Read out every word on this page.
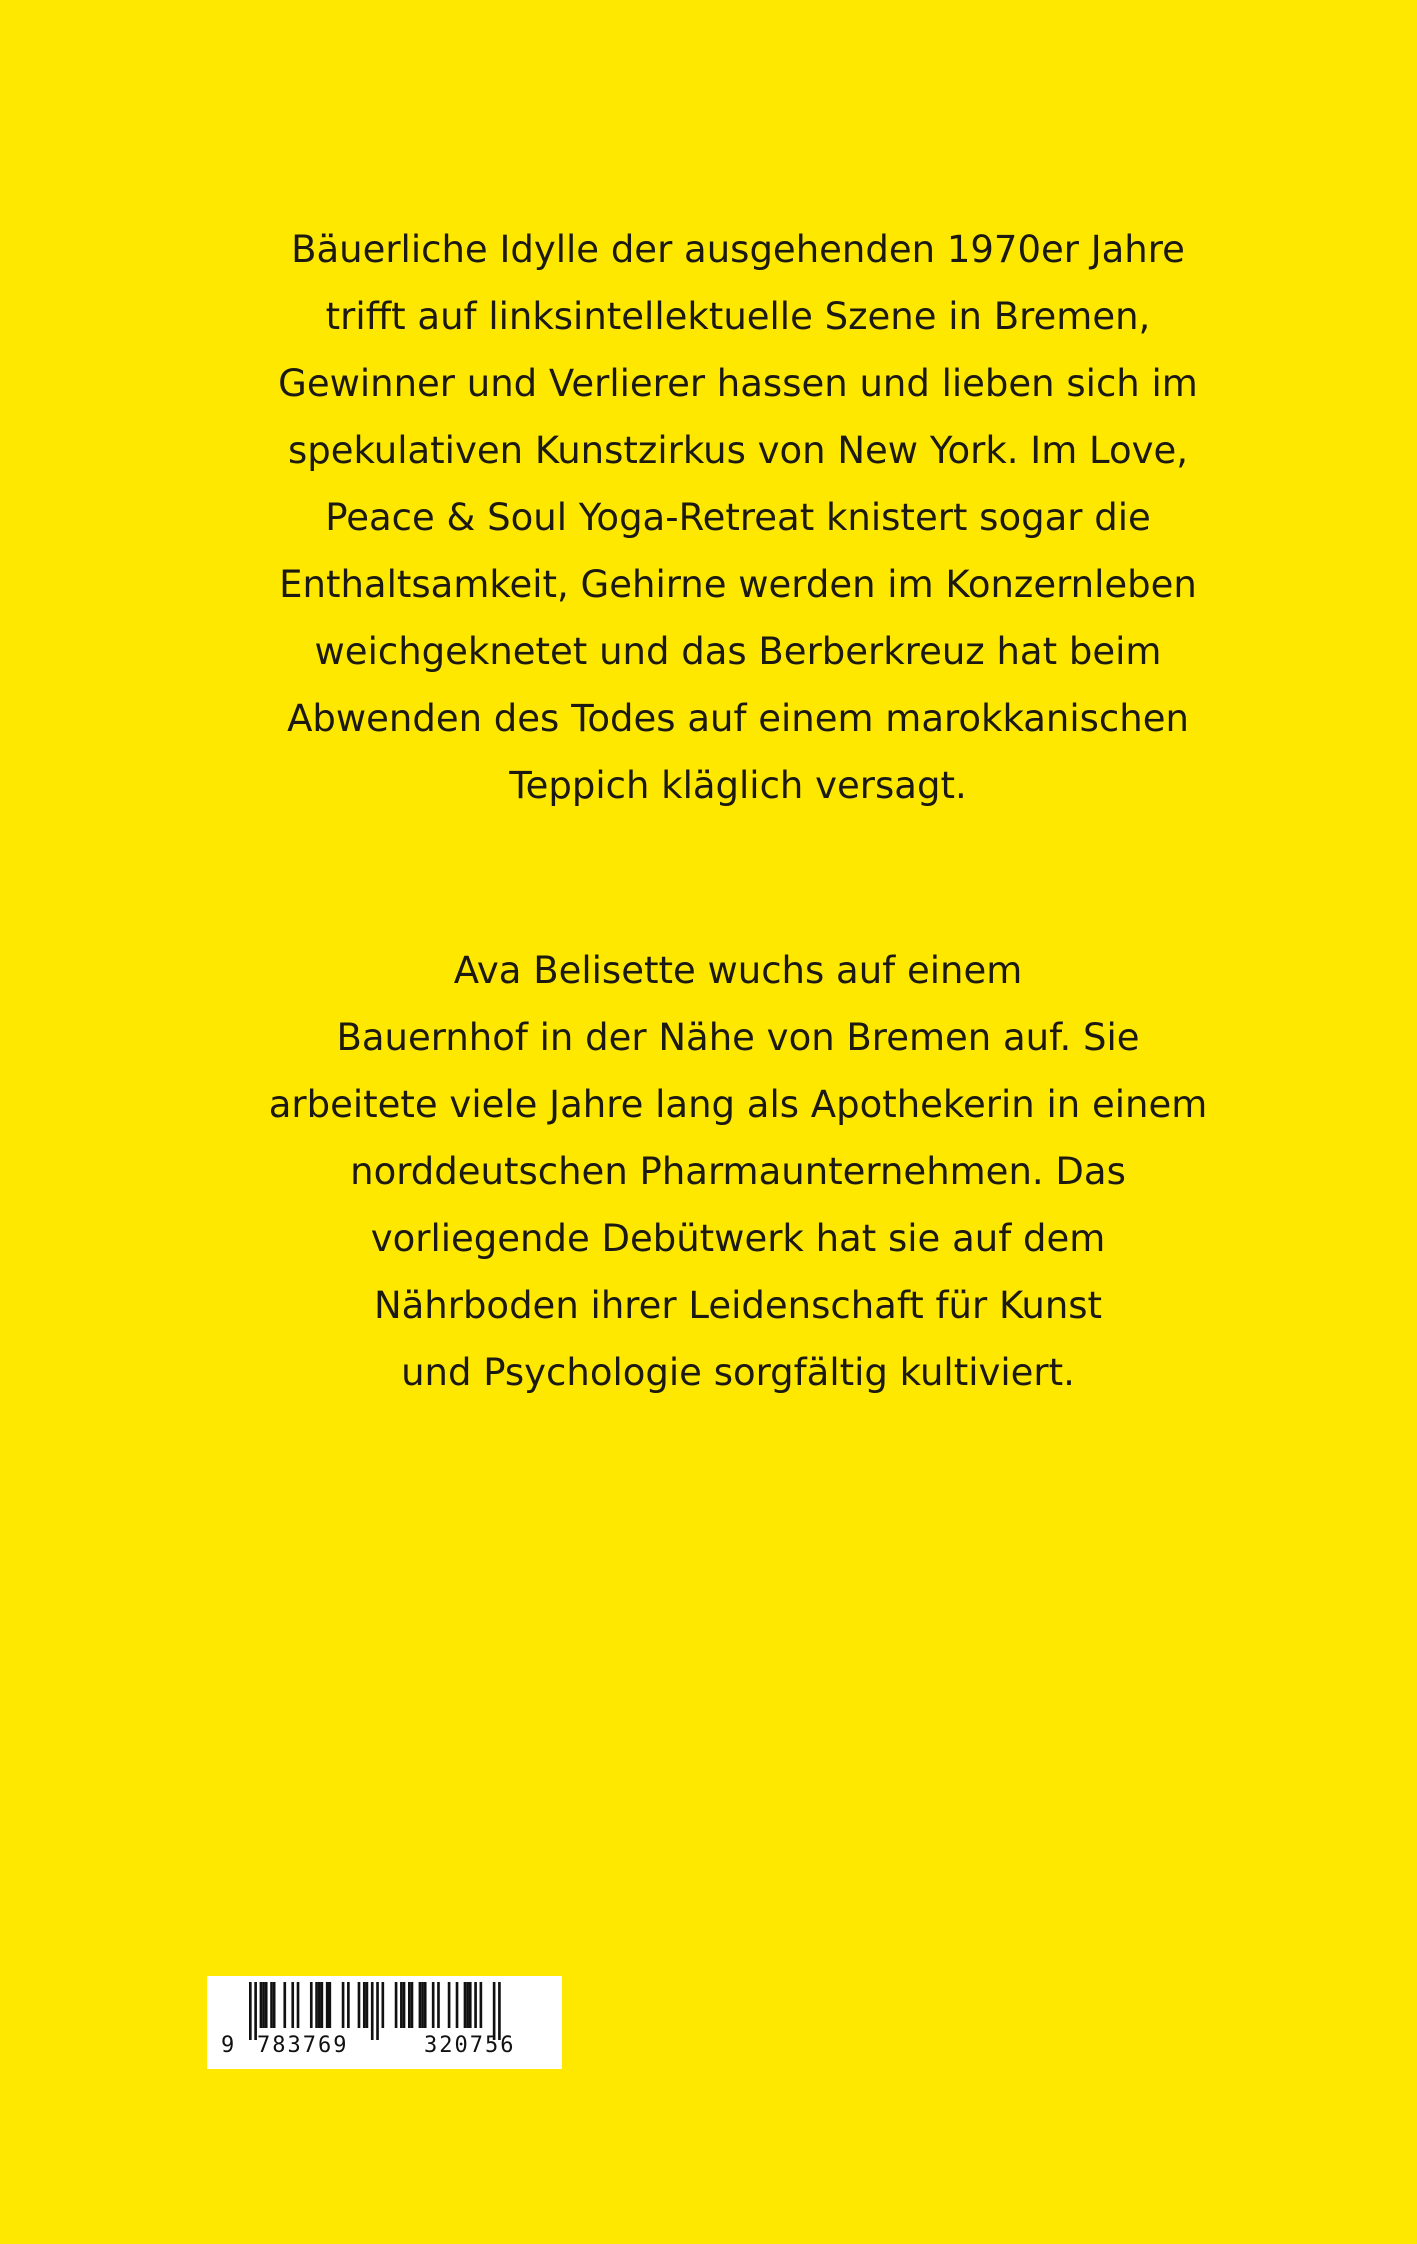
Bäuerliche Idylle der ausgehenden 1970er Jahre
trifft auf linksintellektuelle Szene in Bremen,
Gewinner und Verlierer hassen und lieben sich im
spekulativen Kunstzirkus von New York. Im Love,
Peace & Soul Yoga-Retreat knistert sogar die
Enthaltsamkeit, Gehirne werden im Konzernleben
weichgeknetet und das Berberkreuz hat beim
Abwenden des Todes auf einem marokkanischen
Teppich kläglich versagt.
Ava Belisette wuchs auf einem
Bauernhof in der Nähe von Bremen auf. Sie
arbeitete viele Jahre lang als Apothekerin in einem
norddeutschen Pharmaunternehmen. Das
vorliegende Debütwerk hat sie auf dem
Nährboden ihrer Leidenschaft für Kunst
und Psychologie sorgfältig kultiviert.
9 783769	320756
